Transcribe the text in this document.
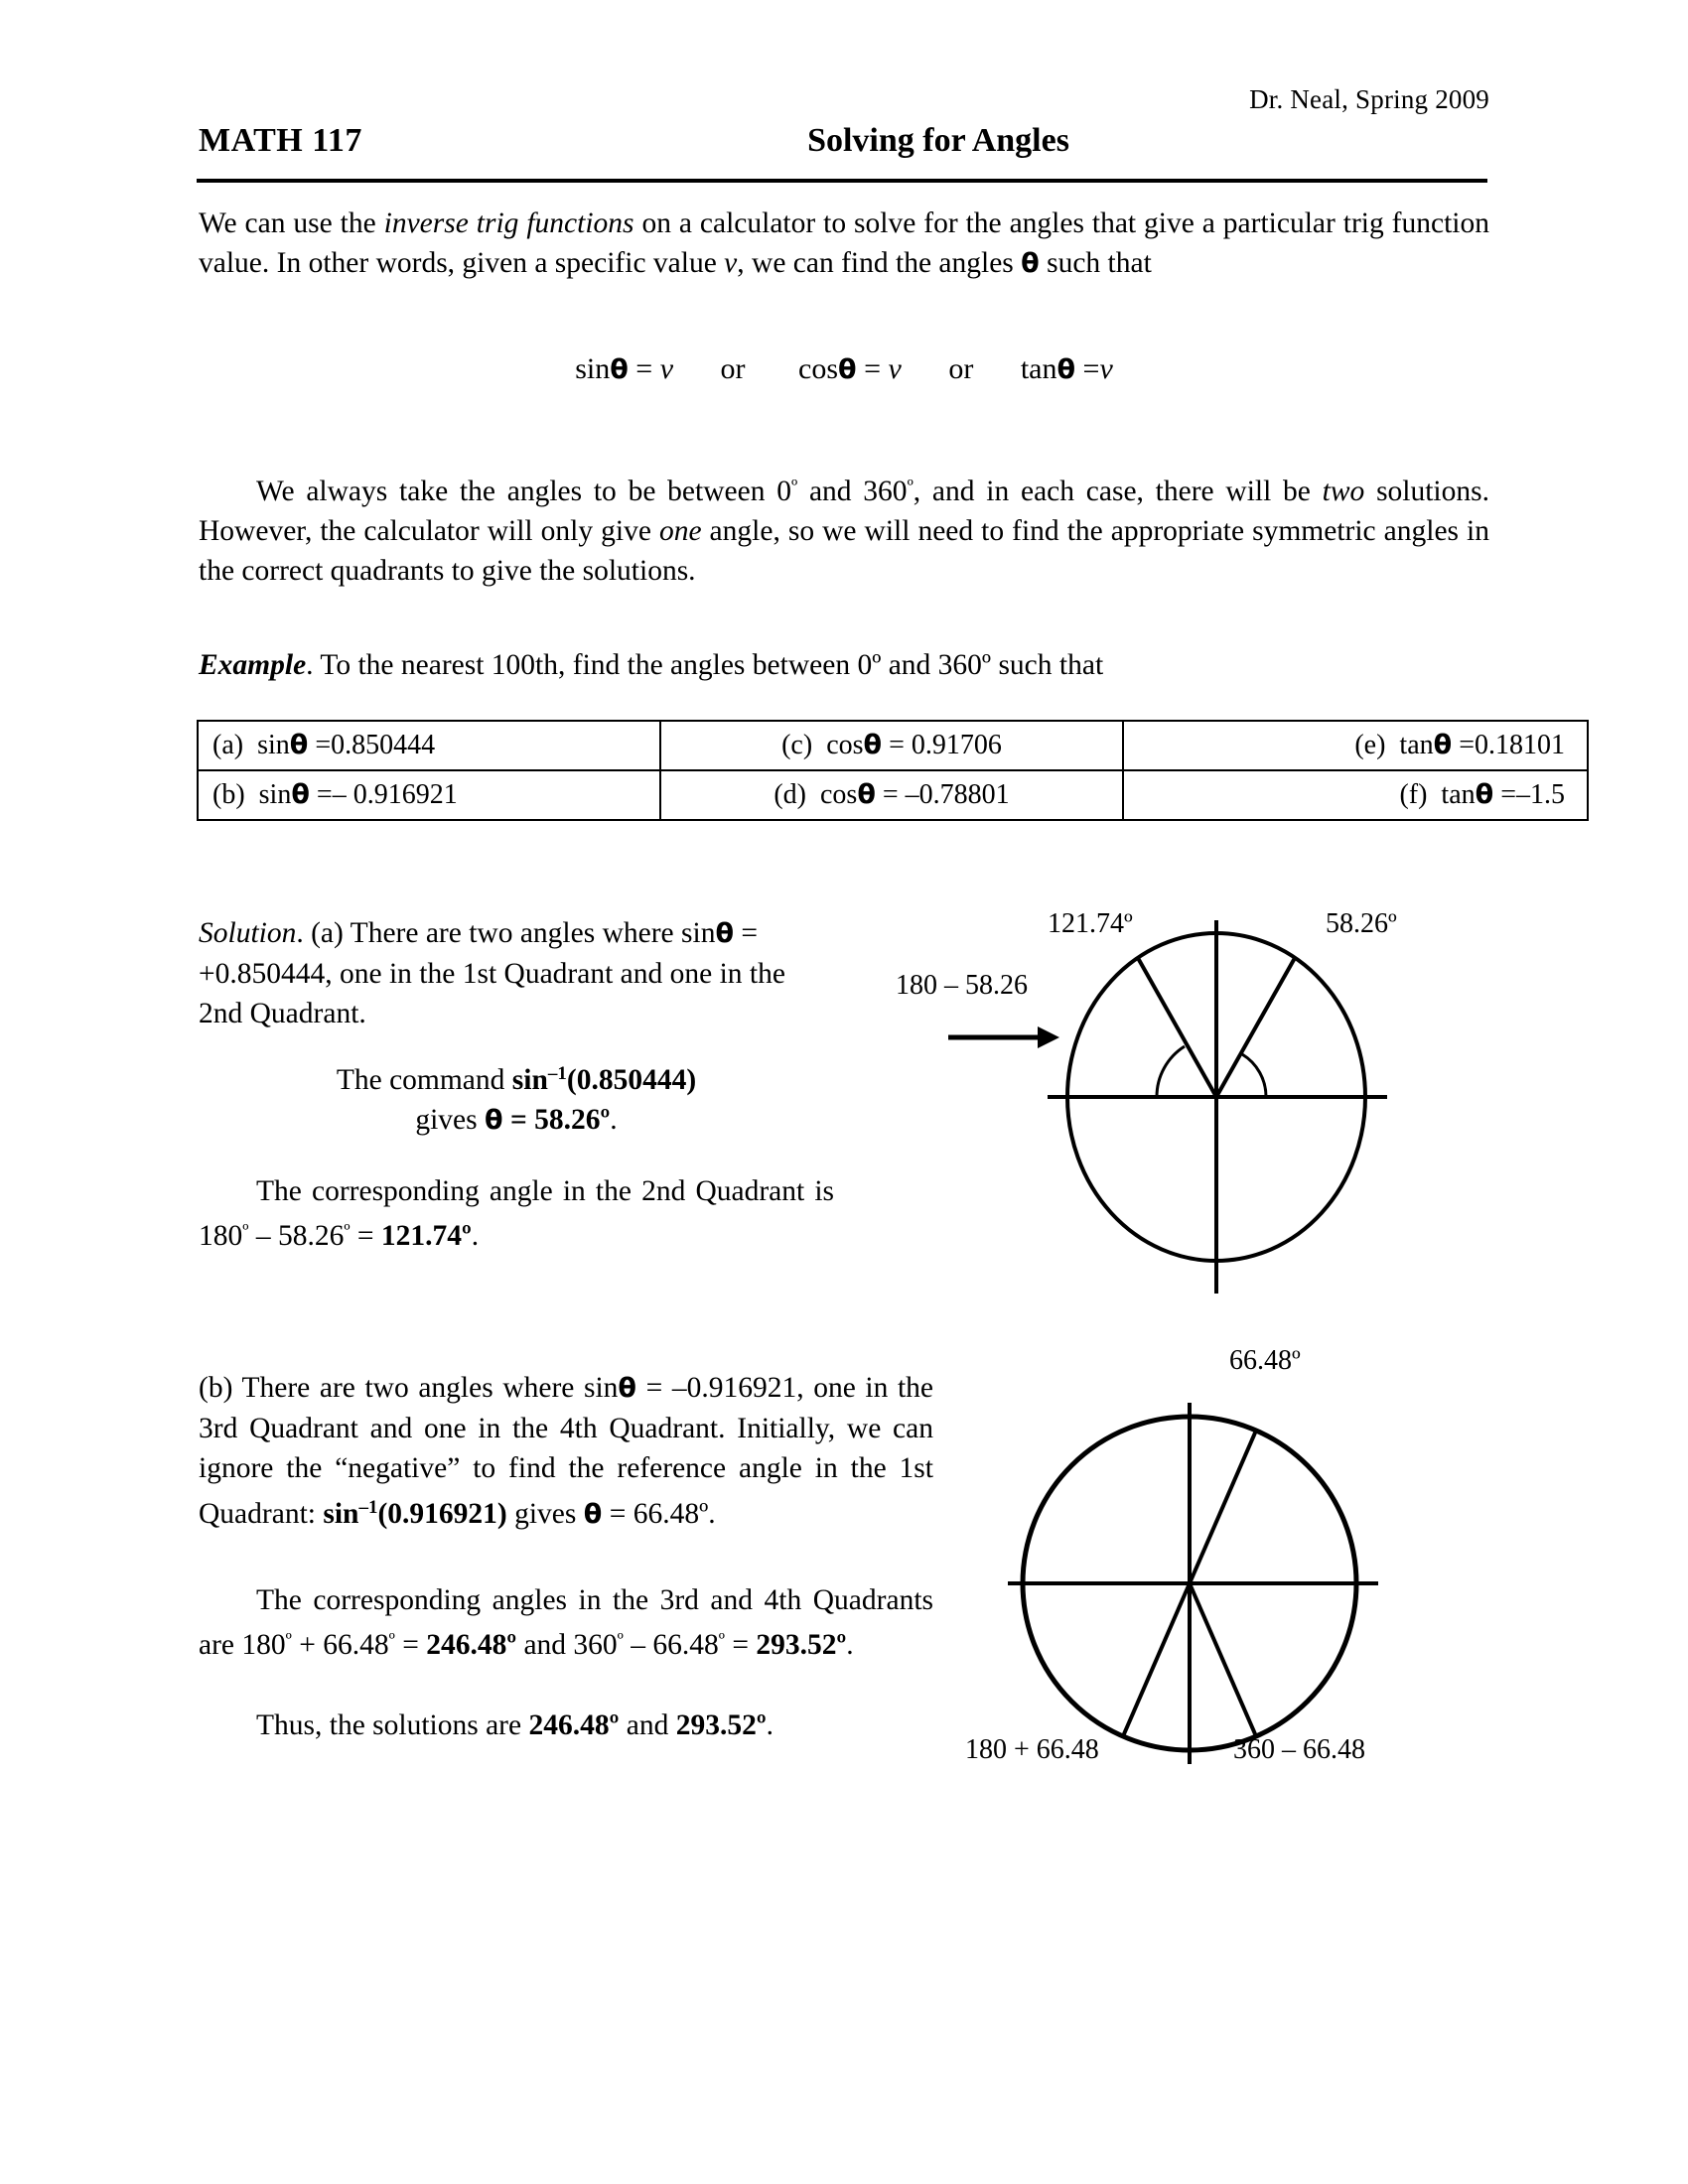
Dr. Neal, Spring 2009
MATH 117	Solving for Angles
We can use the inverse trig functions on a calculator to solve for the angles that give a particular trig function value. In other words, given a specific value v, we can find the angles θ such that
sinθ = v or cosθ = v or tanθ =v
We always take the angles to be between $0^º$ and $360^º$, and in each case, there will be two solutions. However, the calculator will only give one angle, so we will need to find the appropriate symmetric angles in the correct quadrants to give the solutions.
Example. To the nearest 100th, find the angles between 0º and 360º such that
(a) sinθ =0.850444	(c) cosθ = 0.91706	(e) tanθ =0.18101
(b) sinθ =– 0.916921	(d) cosθ = –0.78801	(f) tanθ =–1.5
Solution. (a) There are two angles where sinθ = +0.850444, one in the 1st Quadrant and one in the 2nd Quadrant.
The command $\sin^{-1}(0.850444)$
gives θ = 58.26º.
The corresponding angle in the 2nd Quadrant is $180^º - 58.26^º$ = 121.74º.
121.74º	58.26º
180 – 58.26
(b) There are two angles where sinθ = –0.916921, one in the 3rd Quadrant and one in the 4th Quadrant. Initially, we can ignore the “negative” to find the reference angle in the 1st Quadrant: $\sin^{-1}(0.916921)$ gives θ = 66.48º.
The corresponding angles in the 3rd and 4th Quadrants are $180^º + 66.48^º$ = 246.48º and $360^º - 66.48^º$ = 293.52º.
Thus, the solutions are 246.48º and 293.52º.
66.48º
180 + 66.48	360 – 66.48
